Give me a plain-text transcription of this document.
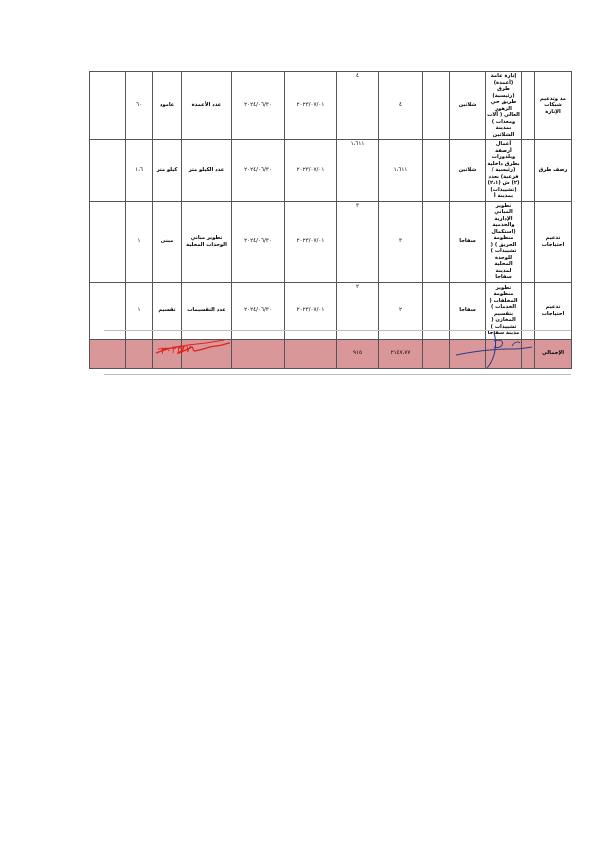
مد وتدعيم شبكات الإنارة		إنارة عامة (أعمدة) طرق (رئيسية) طريق حي الزهور العالي ( آلات ومعدات ) بمدينة الشلاتين	شلاتين		٤	٤	٢٠٢٣/٠٧/٠١	٢٠٢٤/٠٦/٣٠	عدد الأعمدة	عامود	٦٠	
رصف طرق		أعمال أرصفة وبلدورات بطرق داخلية (رئيسية /فرعية) بعدد (٢) ش (٢،١) (تشييدات) بمدينة أ	شلاتين		١،٦١١	١،٦١١	٢٠٢٣/٠٧/٠١	٢٠٢٤/٠٦/٣٠	عدد الكيلو متر	كيلو متر	١،٦	
تدعيم احتياجات		تطوير المباني الإدارية والخدمية (استكمال منظومة الحريق ) ( تشييدات ) للوحدة المحلية لمدينة سفاجا	سفاجا		٣	٣	٢٠٢٣/٠٧/٠١	٢٠٢٤/٠٦/٣٠	تطوير مباني الوحدات المحلية	مبنى	١	
تدعيم احتياجات		تطوير منظومة المخلفات ( الخدمات ) بتقسيم المخازن ( تشييدات ) مدينة سفاجا	سفاجا		٢	٢	٢٠٢٣/٠٧/٠١	٢٠٢٤/٠٦/٣٠	عدد التقسيمات	تقسيم	١	
الإجمالي					٢١٤٧،٧٧	٩١٥						
٢٠٢٣/٧
